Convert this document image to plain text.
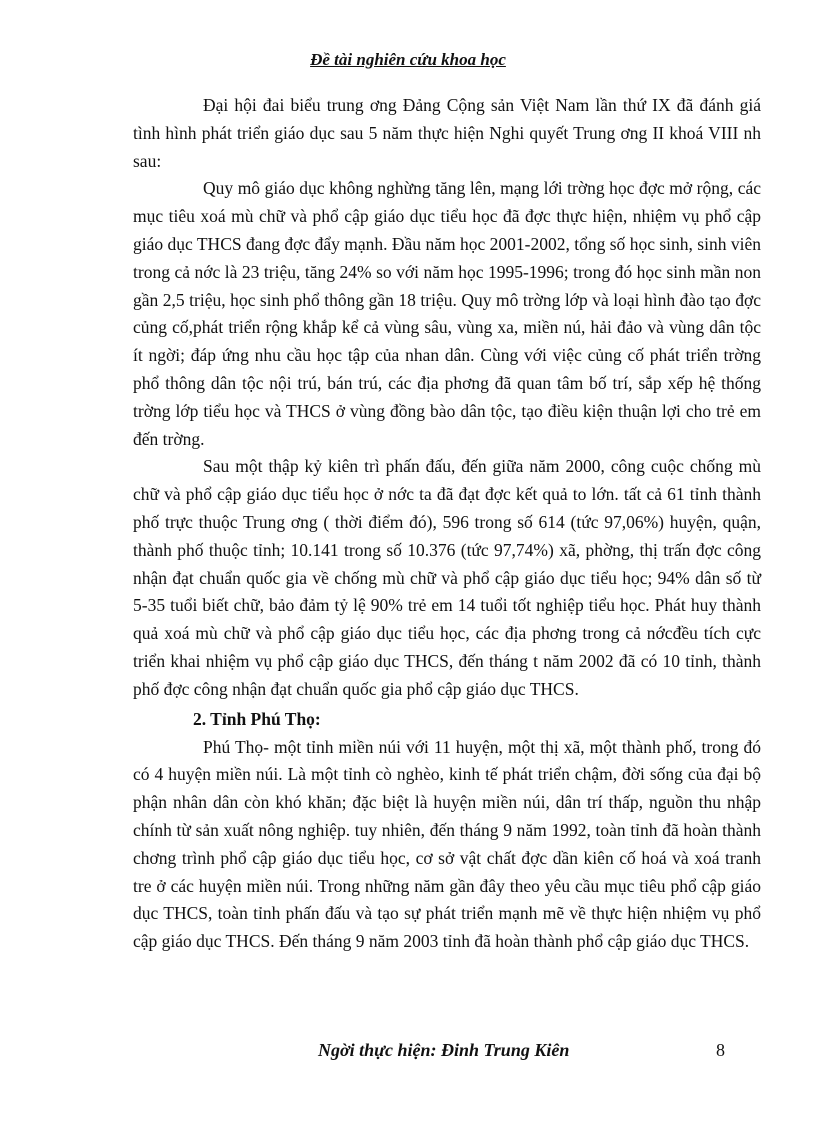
Đề tài nghiên cứu khoa học

Đại hội đai biểu trung ơng Đảng Cộng sản Việt Nam lần thứ IX đã đánh giá tình hình phát triển giáo dục sau 5 năm thực hiện Nghi quyết Trung ơng II khoá VIII nh sau:

Quy mô giáo dục không nghừng tăng lên, mạng lới trờng học đợc mở rộng, các mục tiêu xoá mù chữ và phổ cập giáo dục tiểu học đã đợc thực hiện, nhiệm vụ phổ cập giáo dục THCS đang đợc đẩy mạnh. Đầu năm học 2001-2002, tổng số học sinh, sinh viên trong cả nớc là 23 triệu, tăng 24% so với năm học 1995-1996; trong đó học sinh mần non gần 2,5 triệu, học sinh phổ thông gần 18 triệu. Quy mô trờng lớp và loại hình đào tạo đợc củng cố,phát triển rộng khắp kể cả vùng sâu, vùng xa, miền nú, hải đảo và vùng dân tộc ít ngời; đáp ứng nhu cầu học tập của nhan dân. Cùng với việc củng cố phát triển trờng phổ thông dân tộc nội trú, bán trú, các địa phơng đã quan tâm bố trí, sắp xếp hệ thống trờng lớp tiểu học và THCS ở vùng đồng bào dân tộc, tạo điều kiện thuận lợi cho trẻ em đến trờng.

Sau một thập kỷ kiên trì phấn đấu, đến giữa năm 2000, công cuộc chống mù chữ và phổ cập giáo dục tiểu học ở nớc ta đã đạt đợc kết quả to lớn. tất cả 61 tỉnh thành phố trực thuộc Trung ơng ( thời điểm đó), 596 trong số 614 (tức 97,06%) huyện, quận, thành phố thuộc tỉnh; 10.141 trong số 10.376 (tức 97,74%) xã, phờng, thị trấn đợc công nhận đạt chuẩn quốc gia về chống mù chữ và phổ cập giáo dục tiểu học; 94% dân số từ 5-35 tuổi biết chữ, bảo đảm tỷ lệ 90% trẻ em 14 tuổi tốt nghiệp tiểu học. Phát huy thành quả xoá mù chữ và phổ cập giáo dục tiểu học, các địa phơng trong cả nớcđều tích cực triển khai nhiệm vụ phổ cập giáo dục THCS, đến tháng t năm 2002 đã có 10 tỉnh, thành phố đợc công nhận đạt chuẩn quốc gia phổ cập giáo dục THCS.

2. Tỉnh Phú Thọ:

Phú Thọ- một tỉnh miền núi với 11 huyện, một thị xã, một thành phố, trong đó có 4 huyện miền núi. Là một tỉnh cò nghèo, kinh tế phát triển chậm, đời sống của đại bộ phận nhân dân còn khó khăn; đặc biệt là huyện miền núi, dân trí thấp, nguồn thu nhập chính từ sản xuất nông nghiệp. tuy nhiên, đến tháng 9 năm 1992, toàn tỉnh đã hoàn thành chơng trình phổ cập giáo dục tiểu học, cơ sở vật chất đợc dần kiên cố hoá và xoá tranh tre ở các huyện miền núi. Trong những năm gần đây theo yêu cầu mục tiêu phổ cập giáo dục THCS, toàn tỉnh phấn đấu và tạo sự phát triển mạnh mẽ về thực hiện nhiệm vụ phổ cập giáo dục THCS. Đến tháng 9 năm 2003 tỉnh đã hoàn thành phổ cập giáo dục THCS.

Ngời thực hiện: Đinh Trung Kiên	8
